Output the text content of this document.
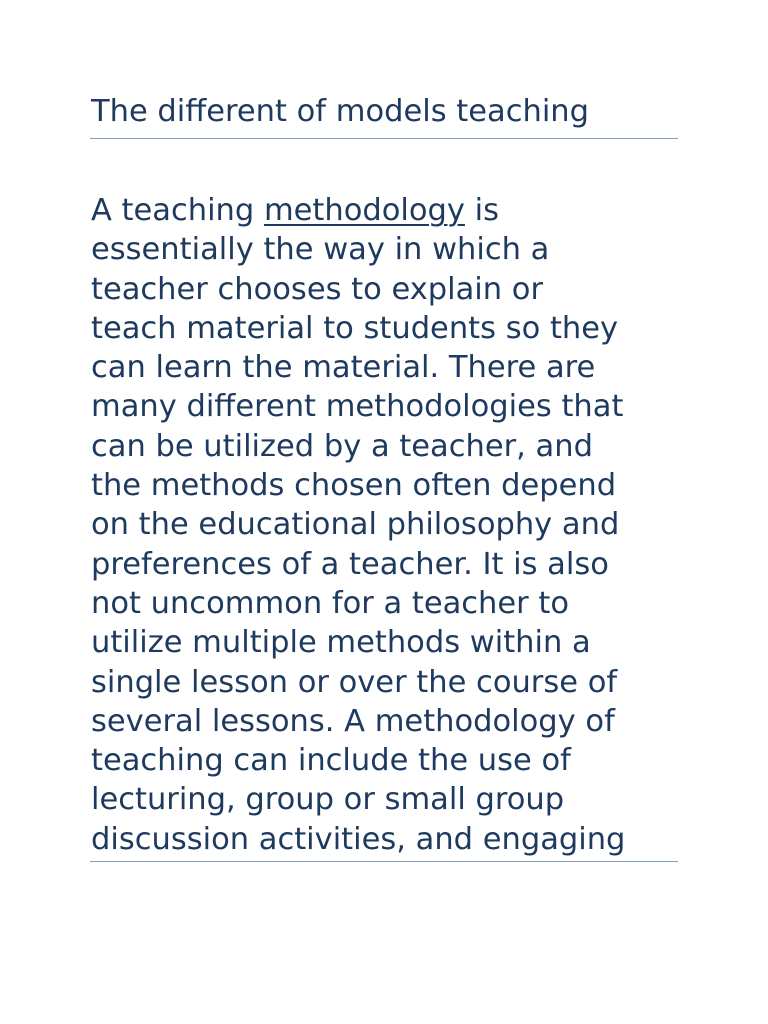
The different of models teaching

A teaching methodology is
essentially the way in which a
teacher chooses to explain or
teach material to students so they
can learn the material. There are
many different methodologies that
can be utilized by a teacher, and
the methods chosen often depend
on the educational philosophy and
preferences of a teacher. It is also
not uncommon for a teacher to
utilize multiple methods within a
single lesson or over the course of
several lessons. A methodology of
teaching can include the use of
lecturing, group or small group
discussion activities, and engaging
